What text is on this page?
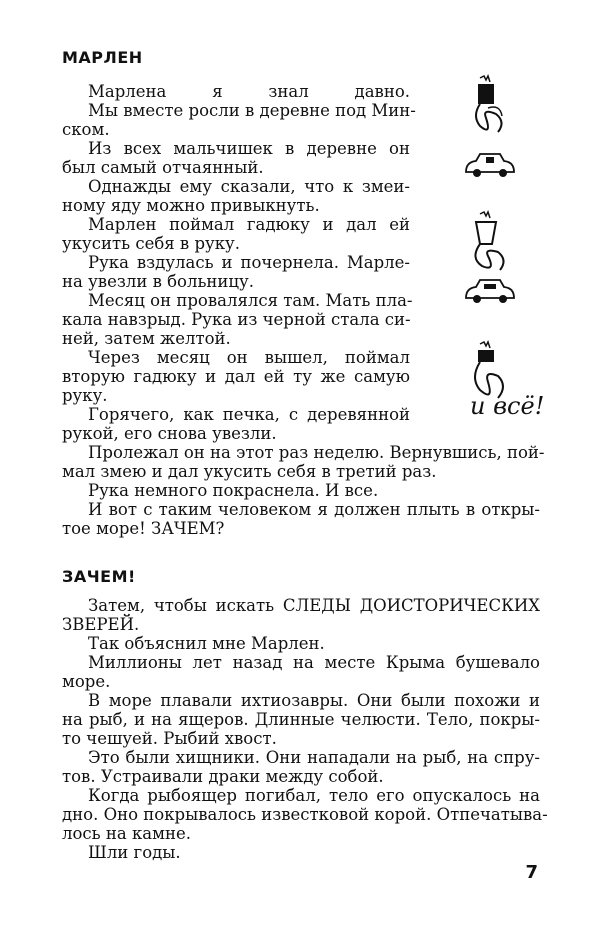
МАРЛЕН
Марлена я знал давно.
Мы вместе росли в деревне под Мин-
ском.
Из всех мальчишек в деревне он
был самый отчаянный.
Однажды ему сказали, что к змеи-
ному яду можно привыкнуть.
Марлен поймал гадюку и дал ей
укусить себя в руку.
Рука вздулась и почернела. Марле-
на увезли в больницу.
Месяц он провалялся там. Мать пла-
кала навзрыд. Рука из черной стала си-
ней, затем желтой.
Через месяц он вышел, поймал
вторую гадюку и дал ей ту же самую
руку.
Горячего, как печка, с деревянной
рукой, его снова увезли.
Пролежал он на этот раз неделю. Вернувшись, пой-
мал змею и дал укусить себя в третий раз.
Рука немного покраснела. И все.
И вот с таким человеком я должен плыть в откры-
тое море! ЗАЧЕМ?
и всё!
ЗАЧЕМ!
Затем, чтобы искать СЛЕДЫ ДОИСТОРИЧЕСКИХ
ЗВЕРЕЙ.
Так объяснил мне Марлен.
Миллионы лет назад на месте Крыма бушевало
море.
В море плавали ихтиозавры. Они были похожи и
на рыб, и на ящеров. Длинные челюсти. Тело, покры-
то чешуей. Рыбий хвост.
Это были хищники. Они нападали на рыб, на спру-
тов. Устраивали драки между собой.
Когда рыбоящер погибал, тело его опускалось на
дно. Оно покрывалось известковой корой. Отпечатыва-
лось на камне.
Шли годы.
7
